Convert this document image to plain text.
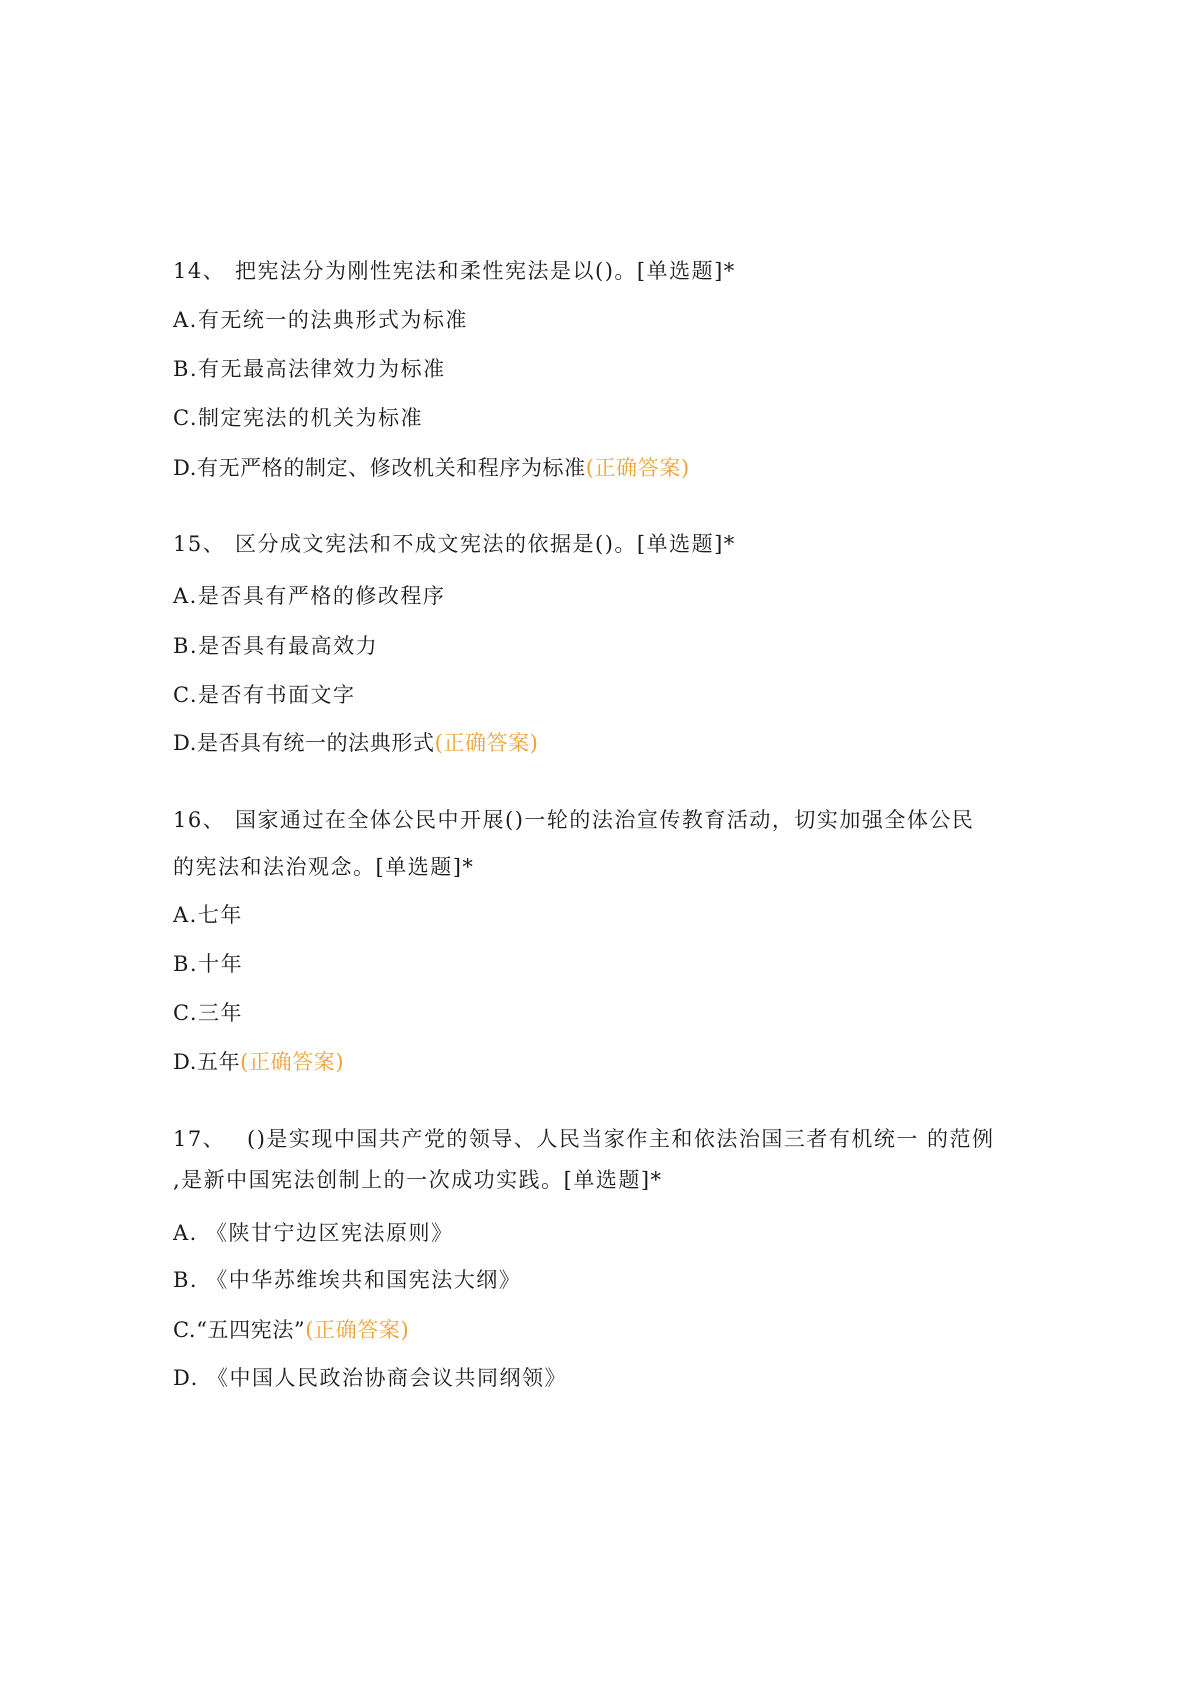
14、 把宪法分为刚性宪法和柔性宪法是以()。[单选题]*
A.有无统一的法典形式为标准
B.有无最高法律效力为标准
C.制定宪法的机关为标准
D.有无严格的制定、修改机关和程序为标准(正确答案)
15、 区分成文宪法和不成文宪法的依据是()。[单选题]*
A.是否具有严格的修改程序
B.是否具有最高效力
C.是否有书面文字
D.是否具有统一的法典形式(正确答案)
16、 国家通过在全体公民中开展()一轮的法治宣传教育活动，切实加强全体公民
的宪法和法治观念。[单选题]*
A.七年
B.十年
C.三年
D.五年(正确答案)
17、 ()是实现中国共产党的领导、人民当家作主和依法治国三者有机统一 的范例
,是新中国宪法创制上的一次成功实践。[单选题]*
A. 《陕甘宁边区宪法原则》
B. 《中华苏维埃共和国宪法大纲》
C.“五四宪法”(正确答案)
D. 《中国人民政治协商会议共同纲领》
